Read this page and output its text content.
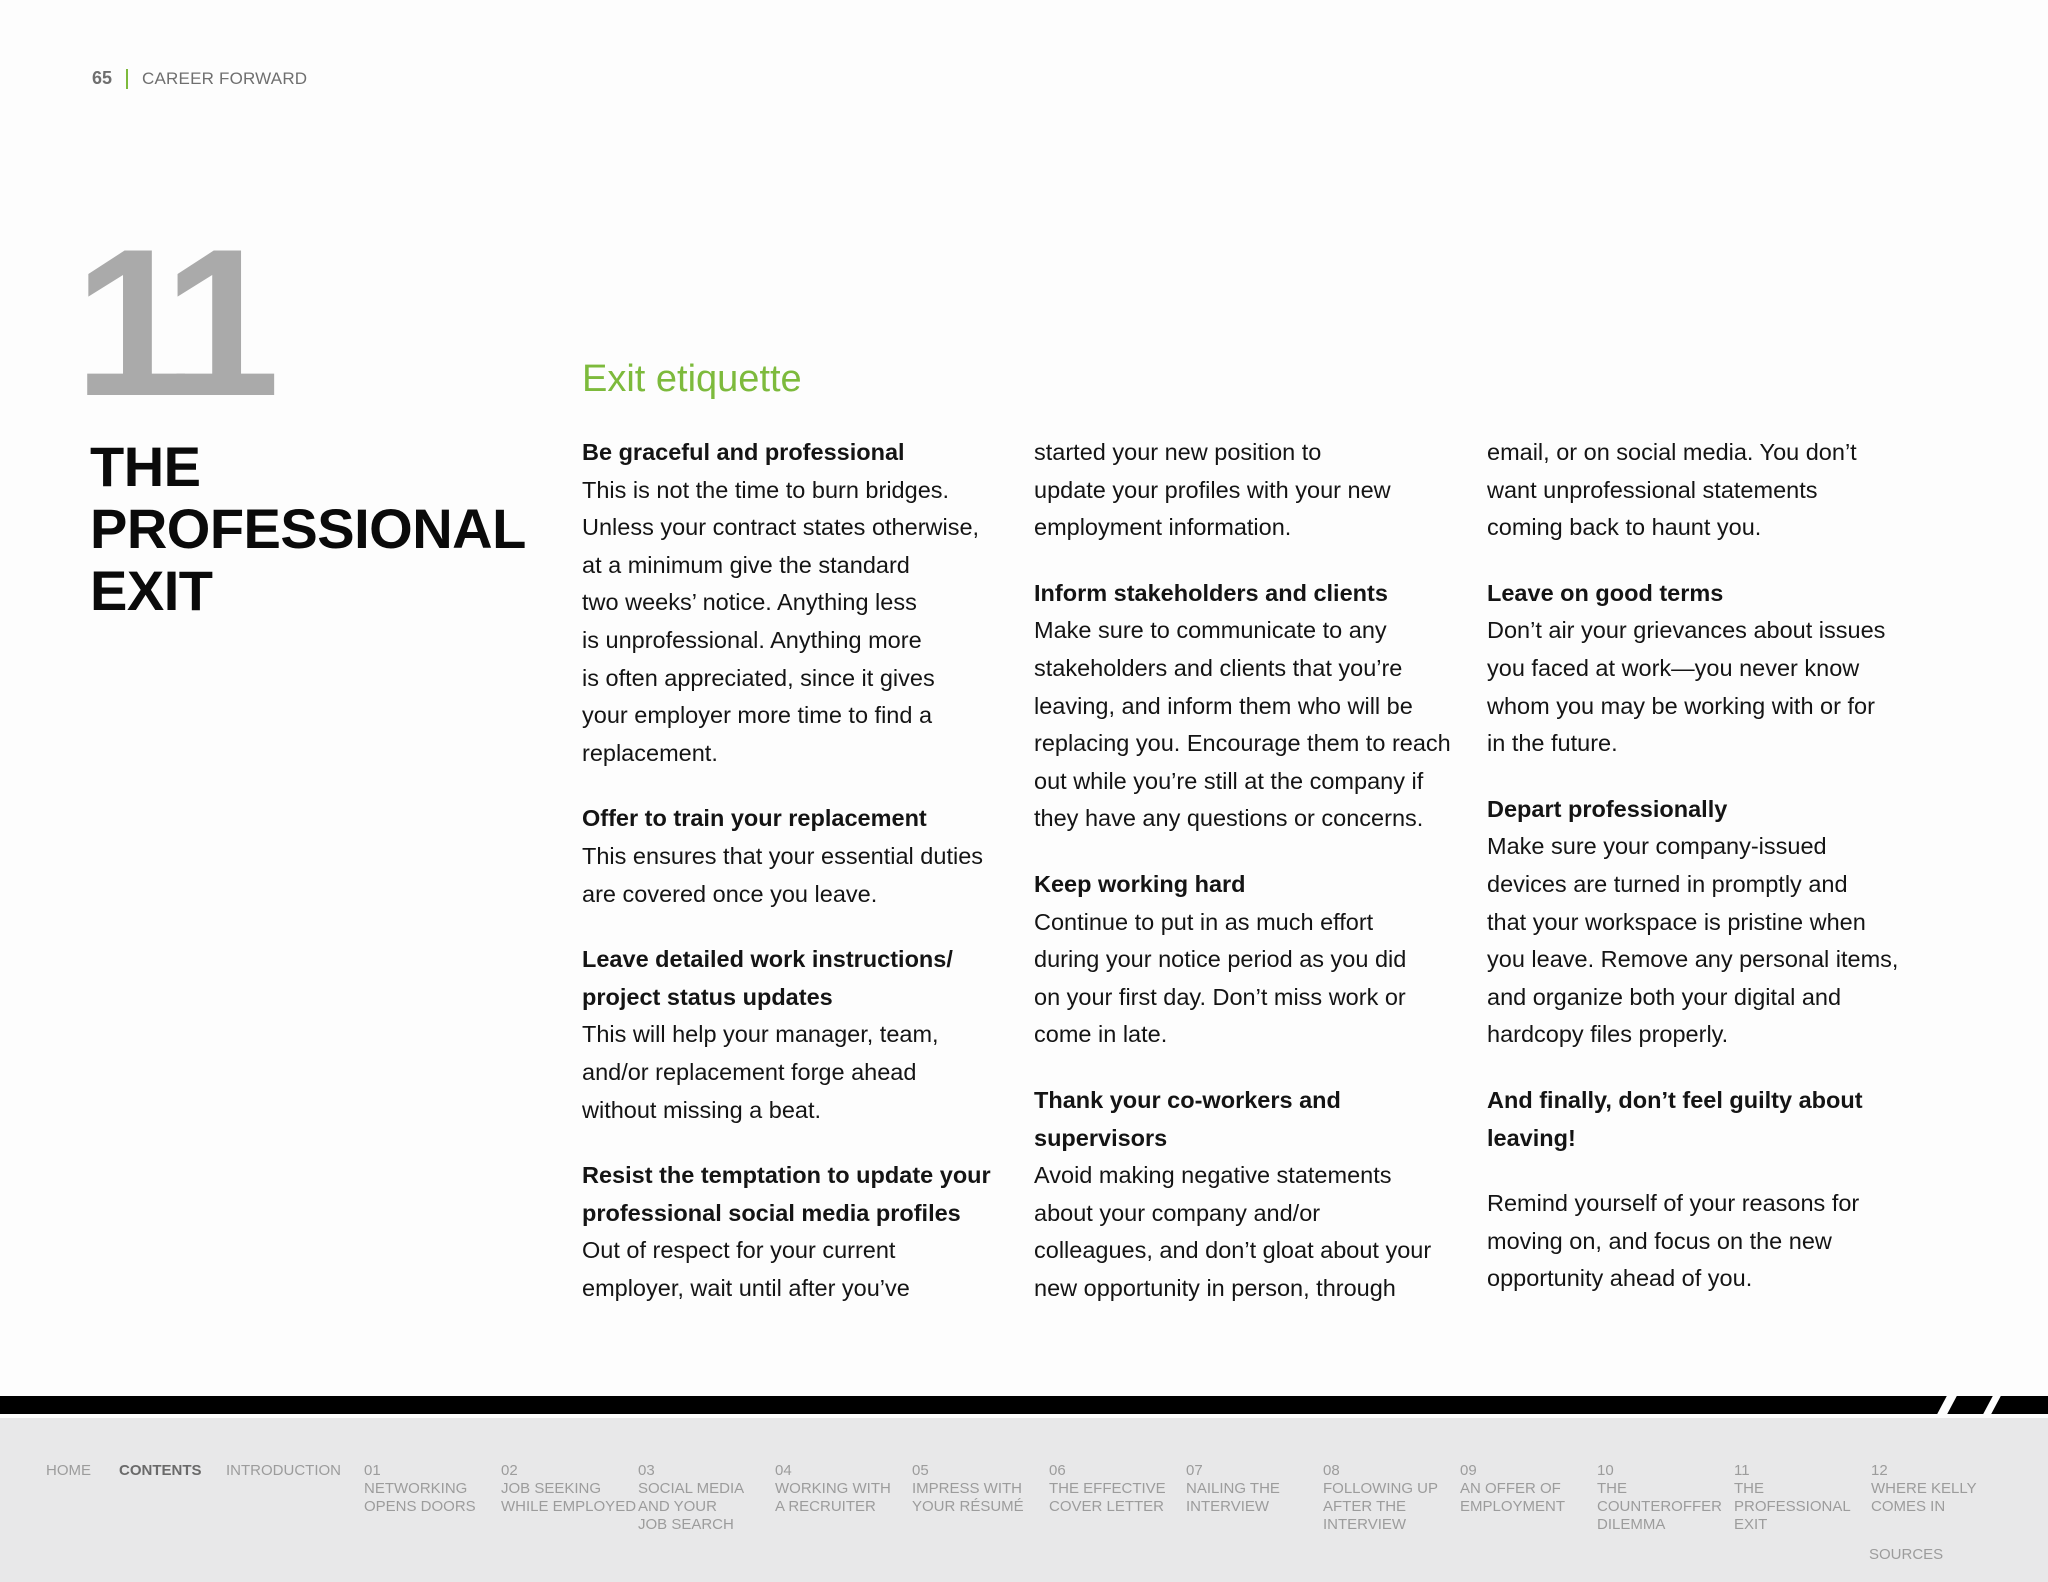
65 CAREER FORWARD
11
THE
PROFESSIONAL
EXIT
Exit etiquette
Be graceful and professional
This is not the time to burn bridges.
Unless your contract states otherwise,
at a minimum give the standard
two weeks’ notice. Anything less
is unprofessional. Anything more
is often appreciated, since it gives
your employer more time to find a
replacement.
Offer to train your replacement
This ensures that your essential duties
are covered once you leave.
Leave detailed work instructions/
project status updates
This will help your manager, team,
and/or replacement forge ahead
without missing a beat.
Resist the temptation to update your
professional social media profiles
Out of respect for your current
employer, wait until after you’ve
started your new position to
update your profiles with your new
employment information.
Inform stakeholders and clients
Make sure to communicate to any
stakeholders and clients that you’re
leaving, and inform them who will be
replacing you. Encourage them to reach
out while you’re still at the company if
they have any questions or concerns.
Keep working hard
Continue to put in as much effort
during your notice period as you did
on your first day. Don’t miss work or
come in late.
Thank your co-workers and
supervisors
Avoid making negative statements
about your company and/or
colleagues, and don’t gloat about your
new opportunity in person, through
email, or on social media. You don’t
want unprofessional statements
coming back to haunt you.
Leave on good terms
Don’t air your grievances about issues
you faced at work—you never know
whom you may be working with or for
in the future.
Depart professionally
Make sure your company-issued
devices are turned in promptly and
that your workspace is pristine when
you leave. Remove any personal items,
and organize both your digital and
hardcopy files properly.
And finally, don’t feel guilty about
leaving!
Remind yourself of your reasons for
moving on, and focus on the new
opportunity ahead of you.
HOME CONTENTS INTRODUCTION 01
NETWORKING
OPENS DOORS
02
JOB SEEKING
WHILE EMPLOYED
03
SOCIAL MEDIA
AND YOUR
JOB SEARCH
04
WORKING WITH
A RECRUITER
05
IMPRESS WITH
YOUR RÉSUMÉ
06
THE EFFECTIVE
COVER LETTER
07
NAILING THE
INTERVIEW
08
FOLLOWING UP
AFTER THE
INTERVIEW
09
AN OFFER OF
EMPLOYMENT
10
THE
COUNTEROFFER
DILEMMA
11
THE
PROFESSIONAL
EXIT
12
WHERE KELLY
COMES IN
SOURCES
